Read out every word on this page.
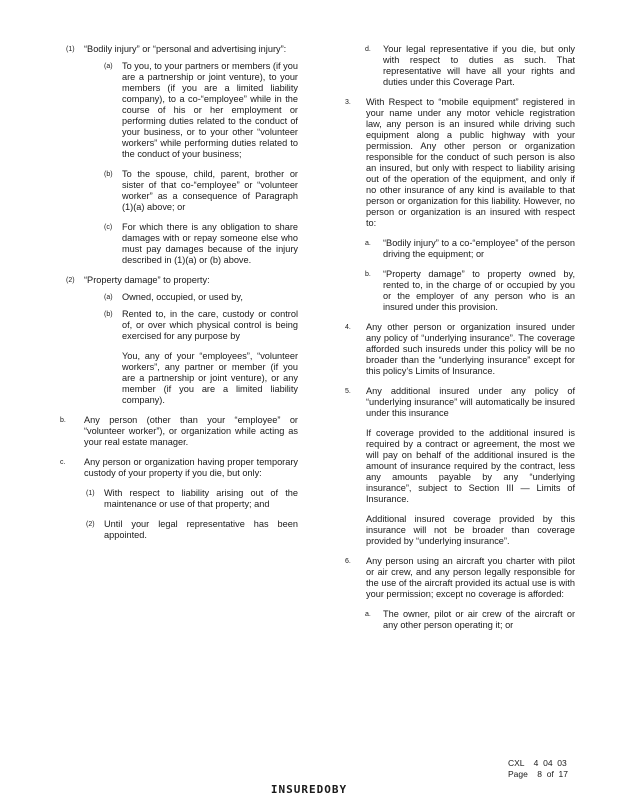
(1) “Bodily injury” or “personal and advertising injury”:

(a) To you, to your partners or members (if you are a partnership or joint venture), to your members (if you are a limited liability company), to a co-“employee” while in the course of his or her employment or performing duties related to the conduct of your business, or to your other “volunteer workers” while performing duties related to the conduct of your business;

(b) To the spouse, child, parent, brother or sister of that co-“employee” or “volunteer worker” as a consequence of Paragraph (1)(a) above; or

(c) For which there is any obligation to share damages with or repay someone else who must pay damages because of the injury described in (1)(a) or (b) above.

(2) “Property damage” to property:

(a) Owned, occupied, or used by,

(b) Rented to, in the care, custody or control of, or over which physical control is being exercised for any purpose by

You, any of your “employees”, “volunteer workers”, any partner or member (if you are a partnership or joint venture), or any member (if you are a limited liability company).

b. Any person (other than your “employee” or “volunteer worker”), or organization while acting as your real estate manager.

c. Any person or organization having proper temporary custody of your property if you die, but only:

(1) With respect to liability arising out of the maintenance or use of that property; and

(2) Until your legal representative has been appointed.

d. Your legal representative if you die, but only with respect to duties as such. That representative will have all your rights and duties under this Coverage Part.

3. With Respect to “mobile equipment” registered in your name under any motor vehicle registration law, any person is an insured while driving such equipment along a public highway with your permission. Any other person or organization responsible for the conduct of such person is also an insured, but only with respect to liability arising out of the operation of the equipment, and only if no other insurance of any kind is available to that person or organization for this liability. However, no person or organization is an insured with respect to:

a. “Bodily injury” to a co-“employee” of the person driving the equipment; or

b. “Property damage” to property owned by, rented to, in the charge of or occupied by you or the employer of any person who is an insured under this provision.

4. Any other person or organization insured under any policy of “underlying insurance”. The coverage afforded such insureds under this policy will be no broader than the “underlying insurance” except for this policy’s Limits of Insurance.

5. Any additional insured under any policy of “underlying insurance” will automatically be insured under this insurance

If coverage provided to the additional insured is required by a contract or agreement, the most we will pay on behalf of the additional insured is the amount of insurance required by the contract, less any amounts payable by any “underlying insurance”, subject to Section III — Limits of Insurance.

Additional insured coverage provided by this insurance will not be broader than coverage provided by “underlying insurance”.

6. Any person using an aircraft you charter with pilot or air crew, and any person legally responsible for the use of the aircraft provided its actual use is with your permission; except no coverage is afforded:

a. The owner, pilot or air crew of the aircraft or any other person operating it; or

CXL    4  04  03
Page    8  of  17
INSUREDOBY
